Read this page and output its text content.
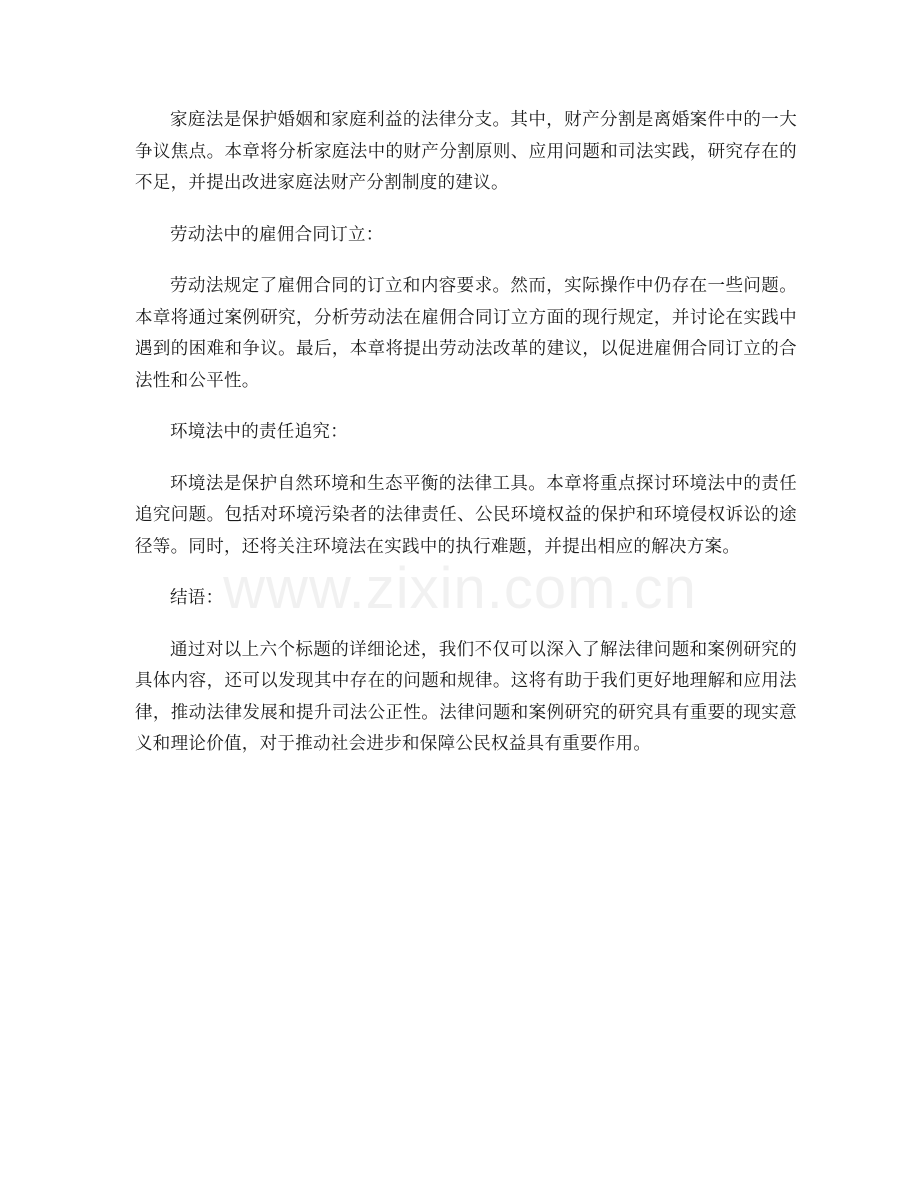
家庭法是保护婚姻和家庭利益的法律分支。其中，财产分割是离婚案件中的一大争议焦点。本章将分析家庭法中的财产分割原则、应用问题和司法实践，研究存在的不足，并提出改进家庭法财产分割制度的建议。

劳动法中的雇佣合同订立：

劳动法规定了雇佣合同的订立和内容要求。然而，实际操作中仍存在一些问题。本章将通过案例研究，分析劳动法在雇佣合同订立方面的现行规定，并讨论在实践中遇到的困难和争议。最后，本章将提出劳动法改革的建议，以促进雇佣合同订立的合法性和公平性。

环境法中的责任追究：

环境法是保护自然环境和生态平衡的法律工具。本章将重点探讨环境法中的责任追究问题。包括对环境污染者的法律责任、公民环境权益的保护和环境侵权诉讼的途径等。同时，还将关注环境法在实践中的执行难题，并提出相应的解决方案。

结语：

通过对以上六个标题的详细论述，我们不仅可以深入了解法律问题和案例研究的具体内容，还可以发现其中存在的问题和规律。这将有助于我们更好地理解和应用法律，推动法律发展和提升司法公正性。法律问题和案例研究的研究具有重要的现实意义和理论价值，对于推动社会进步和保障公民权益具有重要作用。

www.zixin.com.cn
